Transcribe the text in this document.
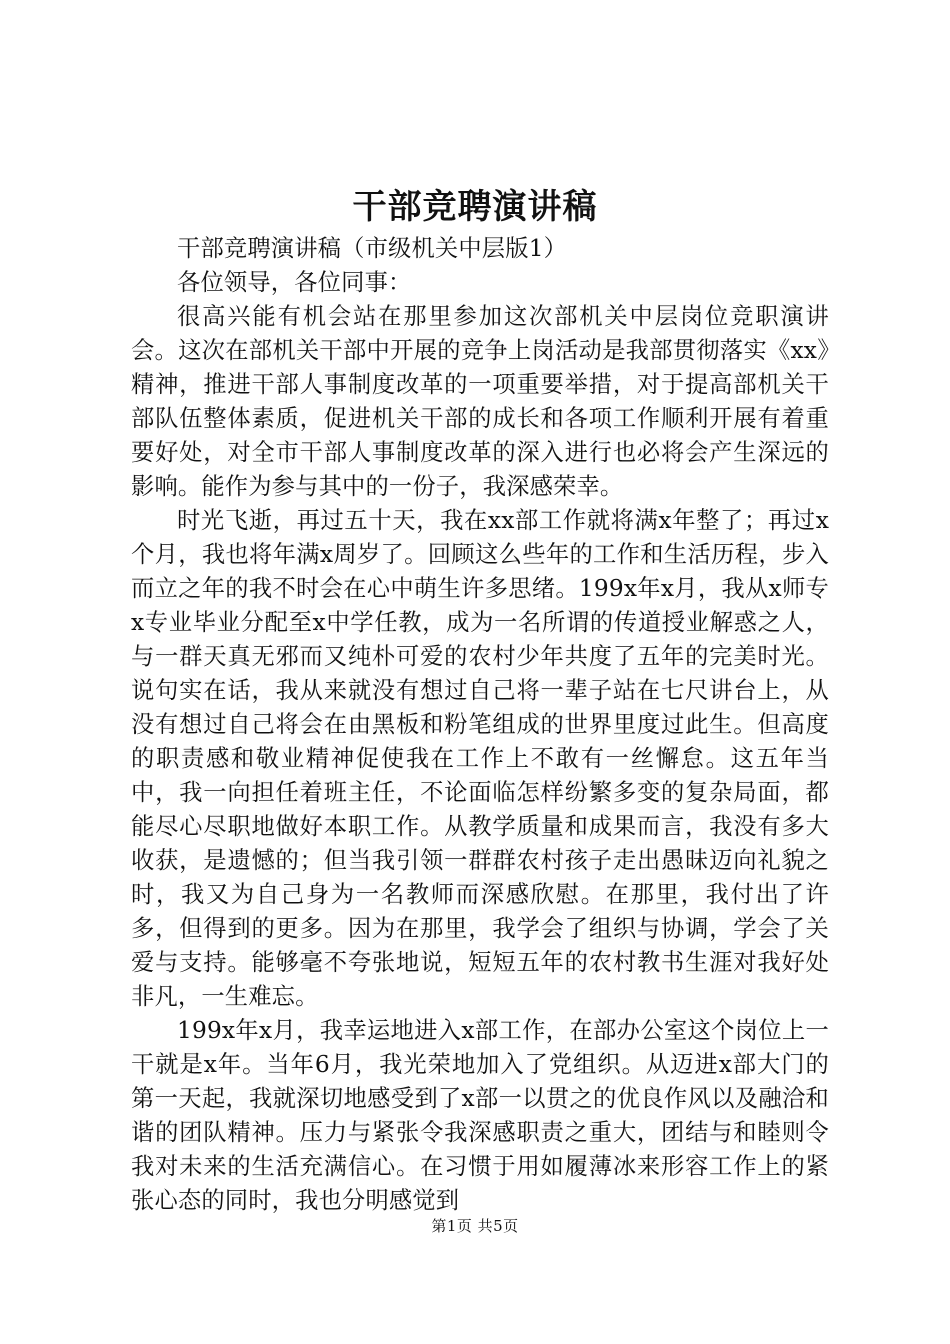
干部竞聘演讲稿

干部竞聘演讲稿（市级机关中层版1）

各位领导，各位同事：

很高兴能有机会站在那里参加这次部机关中层岗位竞职演讲会。这次在部机关干部中开展的竞争上岗活动是我部贯彻落实《xx》精神，推进干部人事制度改革的一项重要举措，对于提高部机关干部队伍整体素质，促进机关干部的成长和各项工作顺利开展有着重要好处，对全市干部人事制度改革的深入进行也必将会产生深远的影响。能作为参与其中的一份子，我深感荣幸。

时光飞逝，再过五十天，我在xx部工作就将满x年整了；再过x个月，我也将年满x周岁了。回顾这么些年的工作和生活历程，步入而立之年的我不时会在心中萌生许多思绪。199x年x月，我从x师专x专业毕业分配至x中学任教，成为一名所谓的传道授业解惑之人，与一群天真无邪而又纯朴可爱的农村少年共度了五年的完美时光。说句实在话，我从来就没有想过自己将一辈子站在七尺讲台上，从没有想过自己将会在由黑板和粉笔组成的世界里度过此生。但高度的职责感和敬业精神促使我在工作上不敢有一丝懈怠。这五年当中，我一向担任着班主任，不论面临怎样纷繁多变的复杂局面，都能尽心尽职地做好本职工作。从教学质量和成果而言，我没有多大收获，是遗憾的；但当我引领一群群农村孩子走出愚昧迈向礼貌之时，我又为自己身为一名教师而深感欣慰。在那里，我付出了许多，但得到的更多。因为在那里，我学会了组织与协调，学会了关爱与支持。能够毫不夸张地说，短短五年的农村教书生涯对我好处非凡，一生难忘。

199x年x月，我幸运地进入x部工作，在部办公室这个岗位上一干就是x年。当年6月，我光荣地加入了党组织。从迈进x部大门的第一天起，我就深切地感受到了x部一以贯之的优良作风以及融洽和谐的团队精神。压力与紧张令我深感职责之重大，团结与和睦则令我对未来的生活充满信心。在习惯于用如履薄冰来形容工作上的紧张心态的同时，我也分明感觉到

第1页 共5页
